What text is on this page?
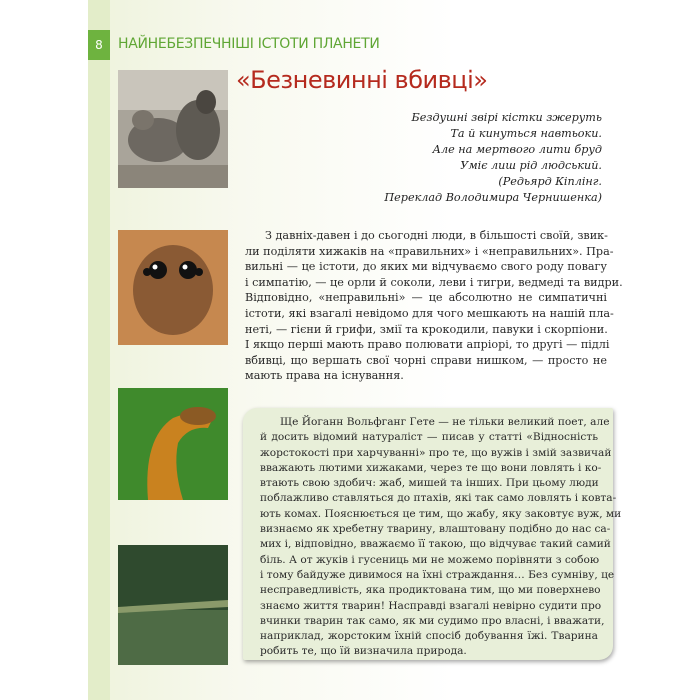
8	НАЙНЕБЕЗПЕЧНІШІ ІСТОТИ ПЛАНЕТИ
«Безневинні вбивці»
Бездушні звірі кістки зжеруть
Та й кинуться навтьоки.
Але на мертвого лити бруд
Уміє лиш рід людський.
(Редьярд Кіплінг.
Переклад Володимира Чернишенка)
З давніх-давен і до сьогодні люди, в більшості своїй, звик-
ли поділяти хижаків на «правильних» і «неправильних». Пра-
вильні — це істоти, до яких ми відчуваємо свого роду повагу
і симпатію, — це орли й соколи, леви і тигри, ведмеді та видри.
Відповідно, «неправильні» — це абсолютно не симпатичні
істоти, які взагалі невідомо для чого мешкають на нашій пла-
неті, — гієни й грифи, змії та крокодили, павуки і скорпіони.
І якщо перші мають право полювати апріорі, то другі — підлі
вбивці, що вершать свої чорні справи нишком, — просто не
мають права на існування.
Ще Йоганн Вольфганг Гете — не тільки великий поет, але
й досить відомий натураліст — писав у статті «Відносність
жорстокості при харчуванні» про те, що вужів і змій зазвичай
вважають лютими хижаками, через те що вони ловлять і ко-
втають свою здобич: жаб, мишей та інших. При цьому люди
поблажливо ставляться до птахів, які так само ловлять і ковта-
ють комах. Пояснюється це тим, що жабу, яку заковтує вуж, ми
визнаємо як хребетну тварину, влаштовану подібно до нас са-
мих і, відповідно, вважаємо її такою, що відчуває такий самий
біль. А от жуків і гусениць ми не можемо порівняти з собою
і тому байдуже дивимося на їхні страждання… Без сумніву, це
несправедливість, яка продиктована тим, що ми поверхнево
знаємо життя тварин! Насправді взагалі невірно судити про
вчинки тварин так само, як ми судимо про власні, і вважати,
наприклад, жорстоким їхній спосіб добування їжі. Тварина
робить те, що їй визначила природа.
